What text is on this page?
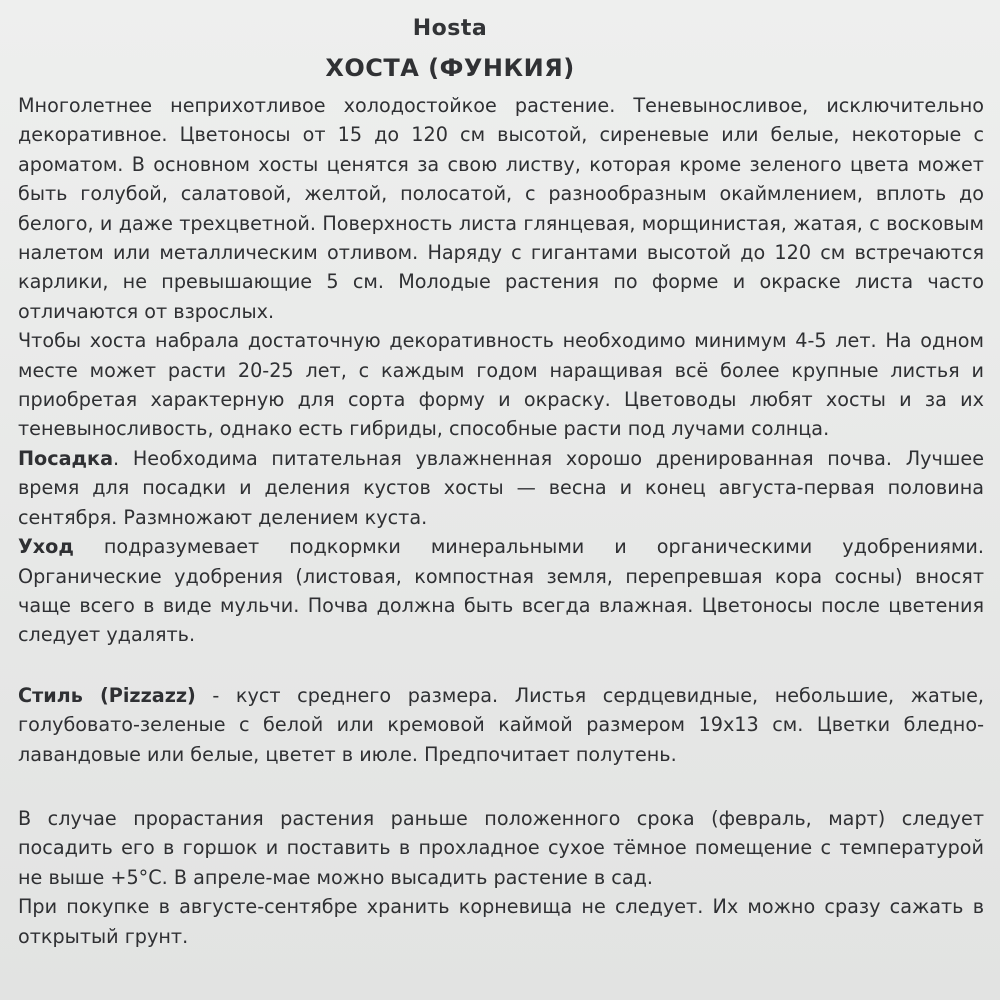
Hosta
ХОСТА (ФУНКИЯ)

Многолетнее неприхотливое холодостойкое растение. Теневыносливое, исключительно декоративное. Цветоносы от 15 до 120 см высотой, сиреневые или белые, некоторые с ароматом. В основном хосты ценятся за свою листву, которая кроме зеленого цвета может быть голубой, салатовой, желтой, полосатой, с разнообразным окаймлением, вплоть до белого, и даже трехцветной. Поверхность листа глянцевая, морщинистая, жатая, с восковым налетом или металлическим отливом. Наряду с гигантами высотой до 120 см встречаются карлики, не превышающие 5 см. Молодые растения по форме и окраске листа часто отличаются от взрослых.

Чтобы хоста набрала достаточную декоративность необходимо минимум 4-5 лет. На одном месте может расти 20-25 лет, с каждым годом наращивая всё более крупные листья и приобретая характерную для сорта форму и окраску. Цветоводы любят хосты и за их теневыносливость, однако есть гибриды, способные расти под лучами солнца.

Посадка. Необходима питательная увлажненная хорошо дренированная почва. Лучшее время для посадки и деления кустов хосты — весна и конец августа-первая половина сентября. Размножают делением куста.

Уход подразумевает подкормки минеральными и органическими удобрениями. Органические удобрения (листовая, компостная земля, перепревшая кора сосны) вносят чаще всего в виде мульчи. Почва должна быть всегда влажная. Цветоносы после цветения следует удалять.

Стиль (Pizzazz) - куст среднего размера. Листья сердцевидные, небольшие, жатые, голубовато-зеленые с белой или кремовой каймой размером 19х13 см. Цветки бледно-лавандовые или белые, цветет в июле. Предпочитает полутень.

В случае прорастания растения раньше положенного срока (февраль, март) следует посадить его в горшок и поставить в прохладное сухое тёмное помещение с температурой не выше +5°С. В апреле-мае можно высадить растение в сад.

При покупке в августе-сентябре хранить корневища не следует. Их можно сразу сажать в открытый грунт.
